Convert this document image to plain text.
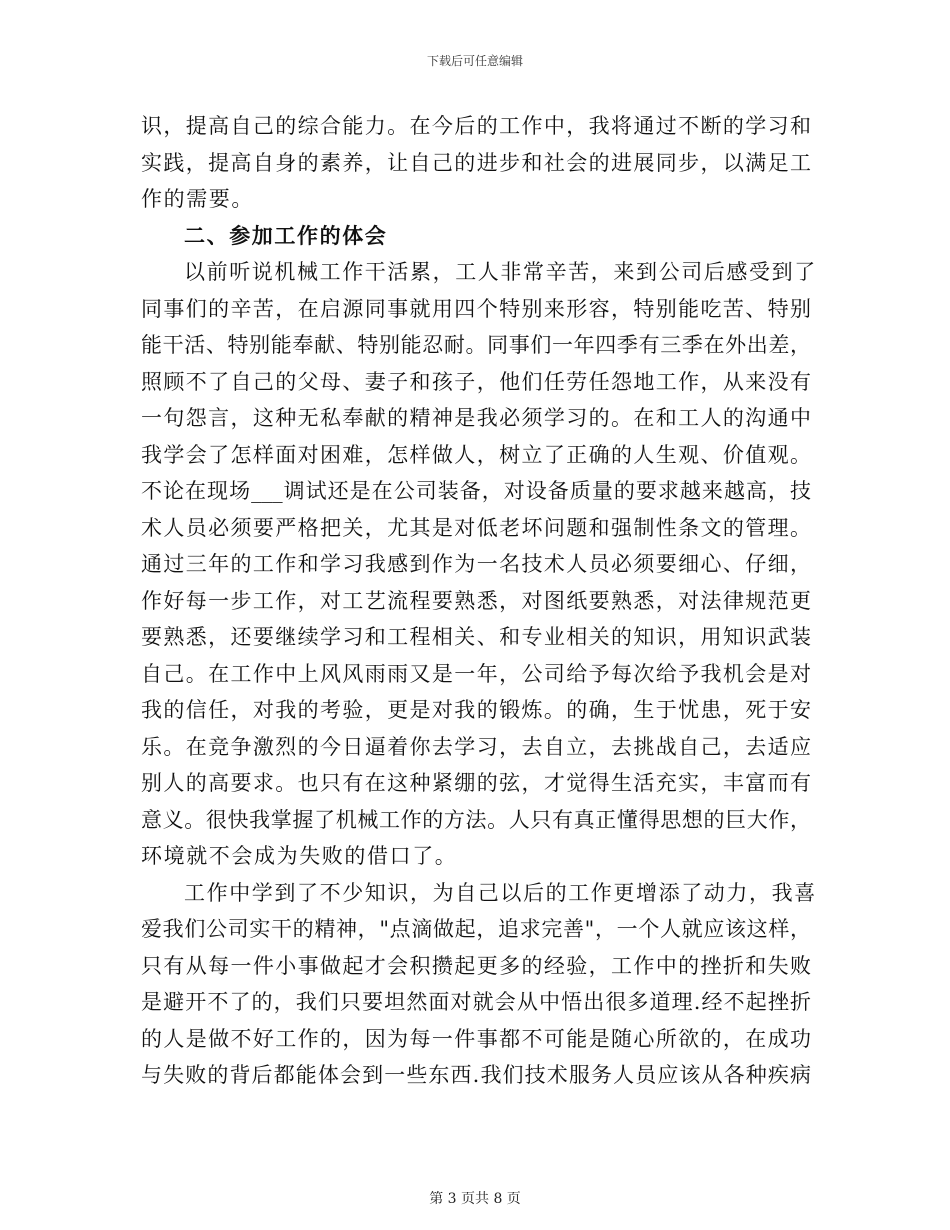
下载后可任意编辑
识，提高自己的综合能力。在今后的工作中，我将通过不断的学习和
实践，提高自身的素养，让自己的进步和社会的进展同步，以满足工
作的需要。
二、参加工作的体会
以前听说机械工作干活累，工人非常辛苦，来到公司后感受到了
同事们的辛苦，在启源同事就用四个特别来形容，特别能吃苦、特别
能干活、特别能奉献、特别能忍耐。同事们一年四季有三季在外出差，
照顾不了自己的父母、妻子和孩子，他们任劳任怨地工作，从来没有
一句怨言，这种无私奉献的精神是我必须学习的。在和工人的沟通中
我学会了怎样面对困难，怎样做人，树立了正确的人生观、价值观。
不论在现场___调试还是在公司装备，对设备质量的要求越来越高，技
术人员必须要严格把关，尤其是对低老坏问题和强制性条文的管理。
通过三年的工作和学习我感到作为一名技术人员必须要细心、仔细，
作好每一步工作，对工艺流程要熟悉，对图纸要熟悉，对法律规范更
要熟悉，还要继续学习和工程相关、和专业相关的知识，用知识武装
自己。在工作中上风风雨雨又是一年，公司给予每次给予我机会是对
我的信任，对我的考验，更是对我的锻炼。的确，生于忧患，死于安
乐。在竞争激烈的今日逼着你去学习，去自立，去挑战自己，去适应
别人的高要求。也只有在这种紧绷的弦，才觉得生活充实，丰富而有
意义。很快我掌握了机械工作的方法。人只有真正懂得思想的巨大作，
环境就不会成为失败的借口了。
工作中学到了不少知识，为自己以后的工作更增添了动力，我喜
爱我们公司实干的精神，"点滴做起，追求完善"，一个人就应该这样，
只有从每一件小事做起才会积攒起更多的经验，工作中的挫折和失败
是避开不了的，我们只要坦然面对就会从中悟出很多道理.经不起挫折
的人是做不好工作的，因为每一件事都不可能是随心所欲的，在成功
与失败的背后都能体会到一些东西.我们技术服务人员应该从各种疾病
第 3 页共 8 页
